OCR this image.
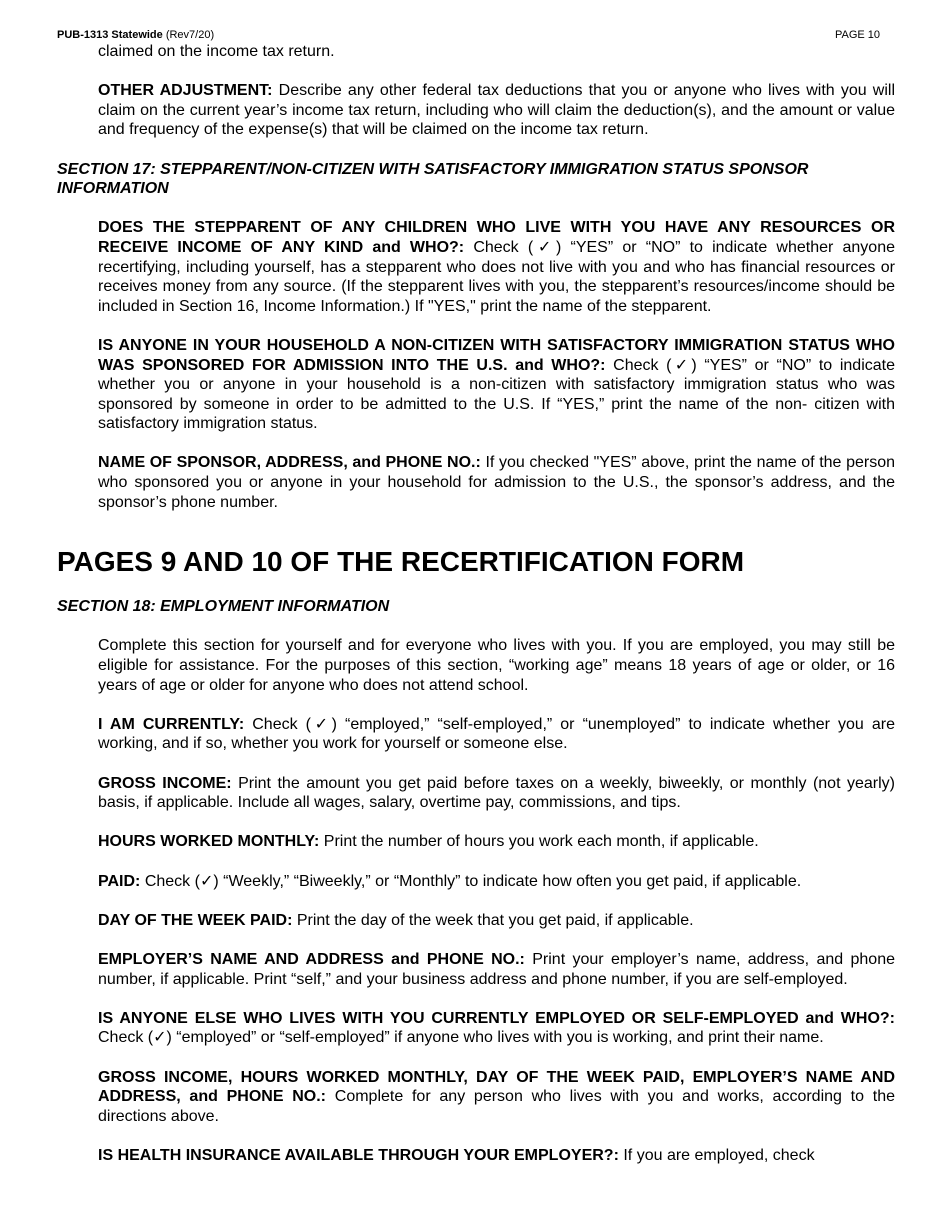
PUB-1313 Statewide (Rev7/20)	PAGE 10
claimed on the income tax return.
OTHER ADJUSTMENT: Describe any other federal tax deductions that you or anyone who lives with you will claim on the current year’s income tax return, including who will claim the deduction(s), and the amount or value and frequency of the expense(s) that will be claimed on the income tax return.
SECTION 17: STEPPARENT/NON-CITIZEN WITH SATISFACTORY IMMIGRATION STATUS SPONSOR INFORMATION
DOES THE STEPPARENT OF ANY CHILDREN WHO LIVE WITH YOU HAVE ANY RESOURCES OR RECEIVE INCOME OF ANY KIND and WHO?: Check (✓) “YES” or “NO” to indicate whether anyone recertifying, including yourself, has a stepparent who does not live with you and who has financial resources or receives money from any source. (If the stepparent lives with you, the stepparent’s resources/income should be included in Section 16, Income Information.) If "YES," print the name of the stepparent.
IS ANYONE IN YOUR HOUSEHOLD A NON-CITIZEN WITH SATISFACTORY IMMIGRATION STATUS WHO WAS SPONSORED FOR ADMISSION INTO THE U.S. and WHO?: Check (✓) “YES” or “NO” to indicate whether you or anyone in your household is a non-citizen with satisfactory immigration status who was sponsored by someone in order to be admitted to the U.S. If “YES,” print the name of the non- citizen with satisfactory immigration status.
NAME OF SPONSOR, ADDRESS, and PHONE NO.: If you checked "YES” above, print the name of the person who sponsored you or anyone in your household for admission to the U.S., the sponsor’s address, and the sponsor’s phone number.
PAGES 9 AND 10 OF THE RECERTIFICATION FORM
SECTION 18: EMPLOYMENT INFORMATION
Complete this section for yourself and for everyone who lives with you. If you are employed, you may still be eligible for assistance. For the purposes of this section, “working age” means 18 years of age or older, or 16 years of age or older for anyone who does not attend school.
I AM CURRENTLY: Check (✓) “employed,” “self-employed,” or “unemployed” to indicate whether you are working, and if so, whether you work for yourself or someone else.
GROSS INCOME: Print the amount you get paid before taxes on a weekly, biweekly, or monthly (not yearly) basis, if applicable. Include all wages, salary, overtime pay, commissions, and tips.
HOURS WORKED MONTHLY: Print the number of hours you work each month, if applicable.
PAID: Check (✓) “Weekly,” “Biweekly,” or “Monthly” to indicate how often you get paid, if applicable.
DAY OF THE WEEK PAID: Print the day of the week that you get paid, if applicable.
EMPLOYER’S NAME AND ADDRESS and PHONE NO.: Print your employer’s name, address, and phone number, if applicable. Print “self,” and your business address and phone number, if you are self-employed.
IS ANYONE ELSE WHO LIVES WITH YOU CURRENTLY EMPLOYED OR SELF-EMPLOYED and WHO?: Check (✓) “employed” or “self-employed” if anyone who lives with you is working, and print their name.
GROSS INCOME, HOURS WORKED MONTHLY, DAY OF THE WEEK PAID, EMPLOYER’S NAME AND ADDRESS, and PHONE NO.: Complete for any person who lives with you and works, according to the directions above.
IS HEALTH INSURANCE AVAILABLE THROUGH YOUR EMPLOYER?: If you are employed, check
